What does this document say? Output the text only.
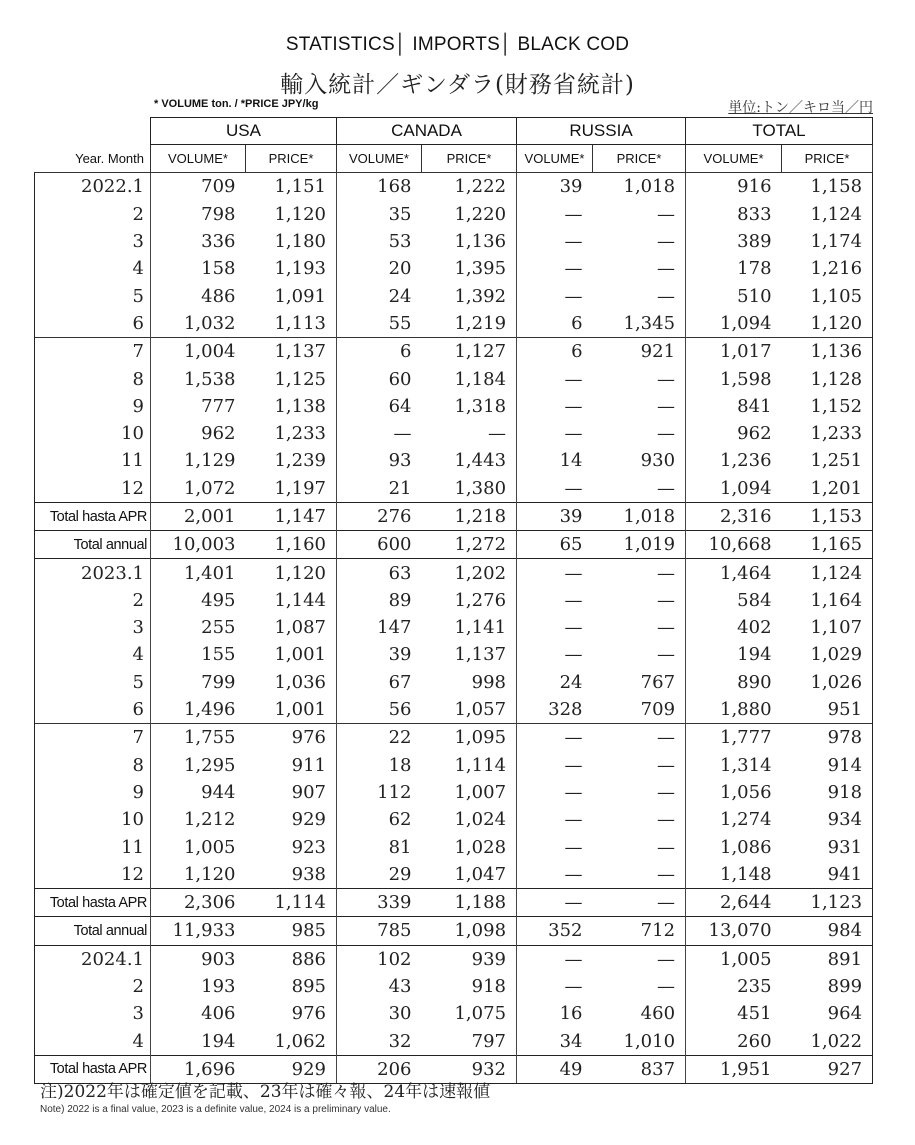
STATISTICS│ IMPORTS│ BLACK COD
輸入統計／ギンダラ(財務省統計)
* VOLUME ton. / *PRICE JPY/kg	単位:トン／キロ当／円
	USA		CANADA		RUSSIA		TOTAL	
Year. Month	VOLUME*	PRICE*	VOLUME*	PRICE*	VOLUME*	PRICE*	VOLUME*	PRICE*
2022.1	709	1,151	168	1,222	39	1,018	916	1,158
2	798	1,120	35	1,220	—	—	833	1,124
3	336	1,180	53	1,136	—	—	389	1,174
4	158	1,193	20	1,395	—	—	178	1,216
5	486	1,091	24	1,392	—	—	510	1,105
6	1,032	1,113	55	1,219	6	1,345	1,094	1,120
7	1,004	1,137	6	1,127	6	921	1,017	1,136
8	1,538	1,125	60	1,184	—	—	1,598	1,128
9	777	1,138	64	1,318	—	—	841	1,152
10	962	1,233	—	—	—	—	962	1,233
11	1,129	1,239	93	1,443	14	930	1,236	1,251
12	1,072	1,197	21	1,380	—	—	1,094	1,201
Total hasta APR	2,001	1,147	276	1,218	39	1,018	2,316	1,153
Total annual	10,003	1,160	600	1,272	65	1,019	10,668	1,165
2023.1	1,401	1,120	63	1,202	—	—	1,464	1,124
2	495	1,144	89	1,276	—	—	584	1,164
3	255	1,087	147	1,141	—	—	402	1,107
4	155	1,001	39	1,137	—	—	194	1,029
5	799	1,036	67	998	24	767	890	1,026
6	1,496	1,001	56	1,057	328	709	1,880	951
7	1,755	976	22	1,095	—	—	1,777	978
8	1,295	911	18	1,114	—	—	1,314	914
9	944	907	112	1,007	—	—	1,056	918
10	1,212	929	62	1,024	—	—	1,274	934
11	1,005	923	81	1,028	—	—	1,086	931
12	1,120	938	29	1,047	—	—	1,148	941
Total hasta APR	2,306	1,114	339	1,188	—	—	2,644	1,123
Total annual	11,933	985	785	1,098	352	712	13,070	984
2024.1	903	886	102	939	—	—	1,005	891
2	193	895	43	918	—	—	235	899
3	406	976	30	1,075	16	460	451	964
4	194	1,062	32	797	34	1,010	260	1,022
Total hasta APR	1,696	929	206	932	49	837	1,951	927
注)2022年は確定値を記載、23年は確々報、24年は速報値
Note) 2022 is a final value, 2023 is a definite value, 2024 is a preliminary value.
